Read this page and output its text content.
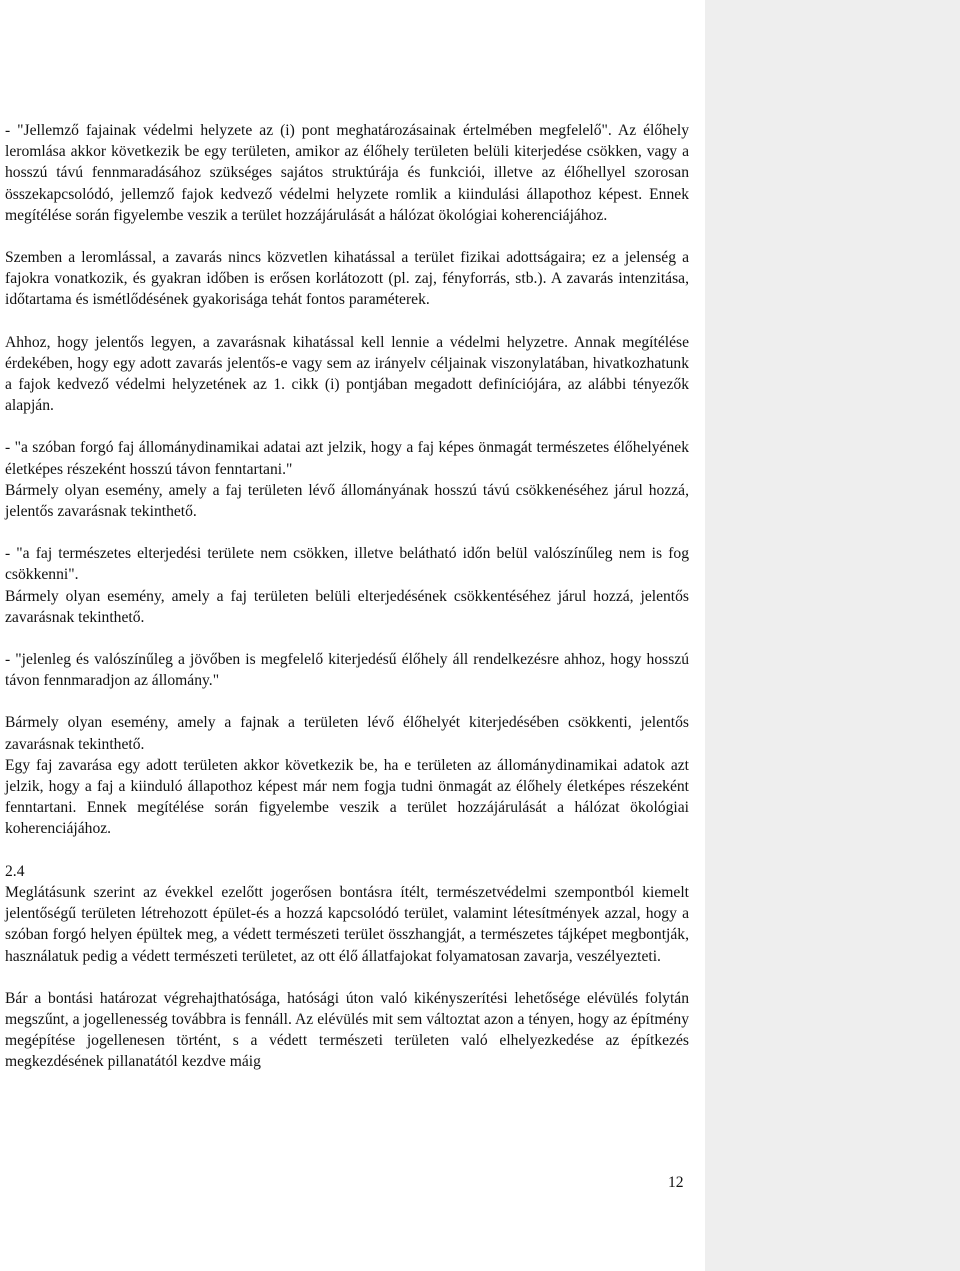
- "Jellemző fajainak védelmi helyzete az (i) pont meghatározásainak értelmében megfelelő". Az élőhely leromlása akkor következik be egy területen, amikor az élőhely területen belüli kiterjedése csökken, vagy a hosszú távú fennmaradásához szükséges sajátos struktúrája és funkciói, illetve az élőhellyel szorosan összekapcsolódó, jellemző fajok kedvező védelmi helyzete romlik a kiindulási állapothoz képest. Ennek megítélése során figyelembe veszik a terület hozzájárulását a hálózat ökológiai koherenciájához.

Szemben a leromlással, a zavarás nincs közvetlen kihatással a terület fizikai adottságaira; ez a jelenség a fajokra vonatkozik, és gyakran időben is erősen korlátozott (pl. zaj, fényforrás, stb.). A zavarás intenzitása, időtartama és ismétlődésének gyakorisága tehát fontos paraméterek.

Ahhoz, hogy jelentős legyen, a zavarásnak kihatással kell lennie a védelmi helyzetre. Annak megítélése érdekében, hogy egy adott zavarás jelentős-e vagy sem az irányelv céljainak viszonylatában, hivatkozhatunk a fajok kedvező védelmi helyzetének az 1. cikk (i) pontjában megadott definíciójára, az alábbi tényezők alapján.

- "a szóban forgó faj állománydinamikai adatai azt jelzik, hogy a faj képes önmagát természetes élőhelyének életképes részeként hosszú távon fenntartani."

Bármely olyan esemény, amely a faj területen lévő állományának hosszú távú csökkenéséhez járul hozzá, jelentős zavarásnak tekinthető.

- "a faj természetes elterjedési területe nem csökken, illetve belátható időn belül valószínűleg nem is fog csökkenni".

Bármely olyan esemény, amely a faj területen belüli elterjedésének csökkentéséhez járul hozzá, jelentős zavarásnak tekinthető.

- "jelenleg és valószínűleg a jövőben is megfelelő kiterjedésű élőhely áll rendelkezésre ahhoz, hogy hosszú távon fennmaradjon az állomány."

Bármely olyan esemény, amely a fajnak a területen lévő élőhelyét kiterjedésében csökkenti, jelentős zavarásnak tekinthető.

Egy faj zavarása egy adott területen akkor következik be, ha e területen az állománydinamikai adatok azt jelzik, hogy a faj a kiinduló állapothoz képest már nem fogja tudni önmagát az élőhely életképes részeként fenntartani. Ennek megítélése során figyelembe veszik a terület hozzájárulását a hálózat ökológiai koherenciájához.

2.4

Meglátásunk szerint az évekkel ezelőtt jogerősen bontásra ítélt, természetvédelmi szempontból kiemelt jelentőségű területen létrehozott épület-és a hozzá kapcsolódó terület, valamint létesítmények azzal, hogy a szóban forgó helyen épültek meg, a védett természeti terület összhangját, a természetes tájképet megbontják, használatuk pedig a védett természeti területet, az ott élő állatfajokat folyamatosan zavarja, veszélyezteti.

Bár a bontási határozat végrehajthatósága, hatósági úton való kikényszerítési lehetősége elévülés folytán megszűnt, a jogellenesség továbbra is fennáll. Az elévülés mit sem változtat azon a tényen, hogy az építmény megépítése jogellenesen történt, s a védett természeti területen való elhelyezkedése az építkezés megkezdésének pillanatától kezdve máig

12
